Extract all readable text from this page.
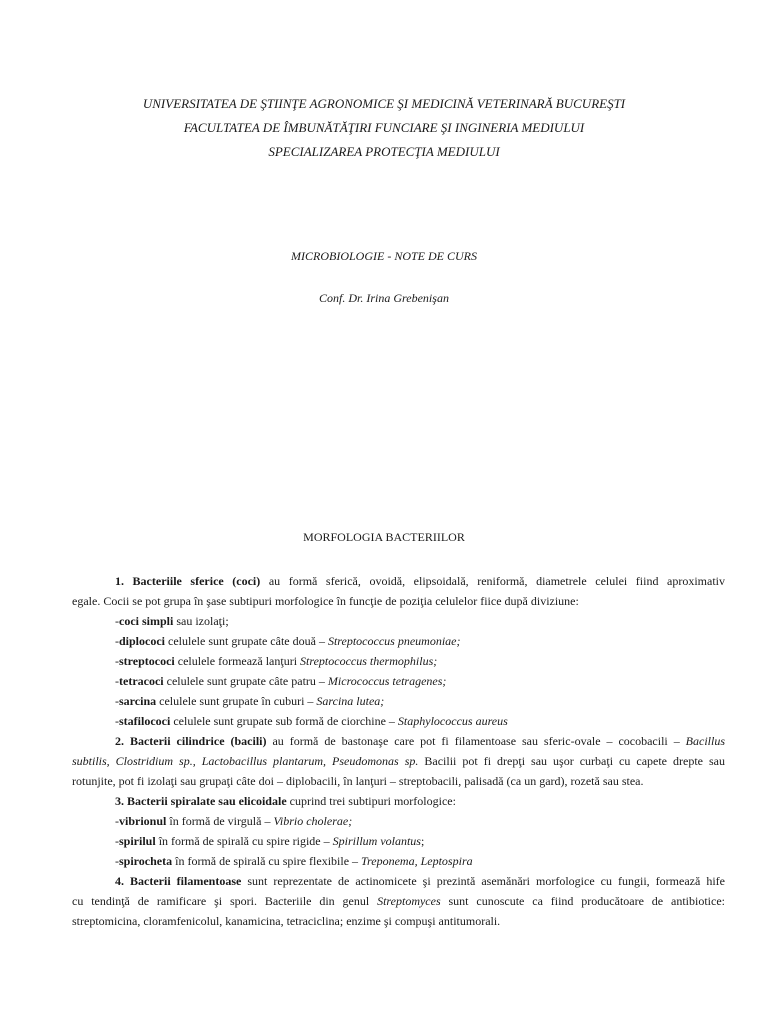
UNIVERSITATEA DE ŞTIINŢE AGRONOMICE ŞI MEDICINĂ VETERINARĂ BUCUREŞTI
FACULTATEA DE ÎMBUNĂTĂŢIRI FUNCIARE ŞI INGINERIA MEDIULUI
SPECIALIZAREA PROTECŢIA MEDIULUI
MICROBIOLOGIE - NOTE DE CURS
Conf. Dr. Irina Grebenişan
MORFOLOGIA BACTERIILOR
1. Bacteriile sferice (coci) au formă sferică, ovoidă, elipsoidală, reniformă, diametrele celulei fiind aproximativ
egale. Cocii se pot grupa în şase subtipuri morfologice în funcţie de poziţia celulelor fiice după diviziune:
-coci simpli sau izolaţi;
-diplococi celulele sunt grupate câte două – Streptococcus pneumoniae;
-streptococi celulele formează lanţuri Streptococcus thermophilus;
-tetracoci celulele sunt grupate câte patru – Micrococcus tetragenes;
-sarcina celulele sunt grupate în cuburi – Sarcina lutea;
-stafilococi celulele sunt grupate sub formă de ciorchine – Staphylococcus aureus
2. Bacterii cilindrice (bacili) au formă de bastonaşe care pot fi filamentoase sau sferic-ovale – cocobacili – Bacillus
subtilis, Clostridium sp., Lactobacillus plantarum, Pseudomonas sp. Bacilii pot fi drepţi sau uşor curbaţi cu capete drepte sau
rotunjite, pot fi izolaţi sau grupaţi câte doi – diplobacili, în lanţuri – streptobacili, palisadă (ca un gard), rozetă sau stea.
3. Bacterii spiralate sau elicoidale cuprind trei subtipuri morfologice:
-vibrionul în formă de virgulă – Vibrio cholerae;
-spirilul în formă de spirală cu spire rigide – Spirillum volantus;
-spirocheta în formă de spirală cu spire flexibile – Treponema, Leptospira
4. Bacterii filamentoase sunt reprezentate de actinomicete şi prezintă asemănări morfologice cu fungii, formează hife
cu tendinţă de ramificare şi spori. Bacteriile din genul Streptomyces sunt cunoscute ca fiind producătoare de antibiotice:
streptomicina, cloramfenicolul, kanamicina, tetraciclina; enzime şi compuşi antitumorali.
